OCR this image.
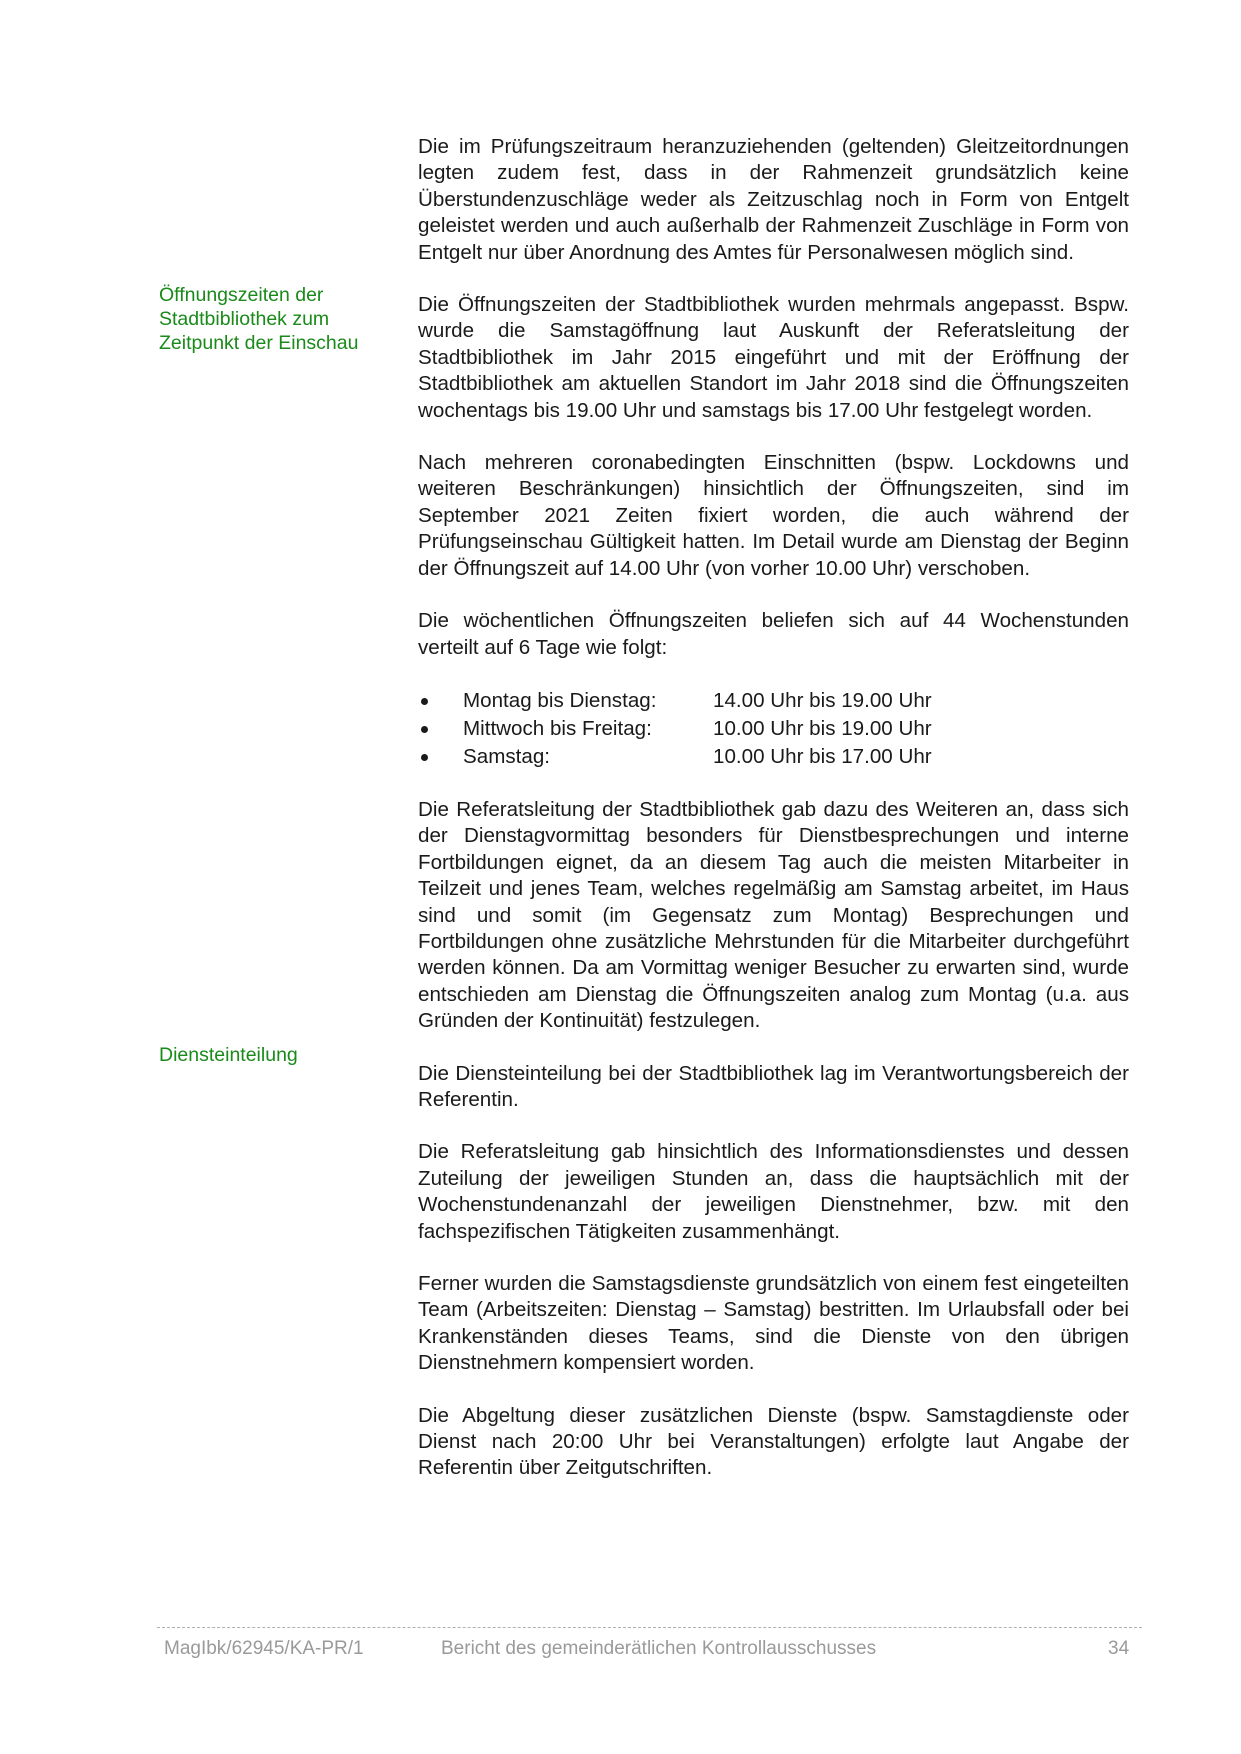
Öffnungszeiten der Stadtbibliothek zum Zeitpunkt der Einschau
Diensteinteilung

Die im Prüfungszeitraum heranzuziehenden (geltenden) Gleitzeitordnungen legten zudem fest, dass in der Rahmenzeit grundsätzlich keine Überstundenzuschläge weder als Zeitzuschlag noch in Form von Entgelt geleistet werden und auch außerhalb der Rahmenzeit Zuschläge in Form von Entgelt nur über Anordnung des Amtes für Personalwesen möglich sind.

Die Öffnungszeiten der Stadtbibliothek wurden mehrmals angepasst. Bspw. wurde die Samstagöffnung laut Auskunft der Referatsleitung der Stadtbibliothek im Jahr 2015 eingeführt und mit der Eröffnung der Stadtbibliothek am aktuellen Standort im Jahr 2018 sind die Öffnungszeiten wochentags bis 19.00 Uhr und samstags bis 17.00 Uhr festgelegt worden.

Nach mehreren coronabedingten Einschnitten (bspw. Lockdowns und weiteren Beschränkungen) hinsichtlich der Öffnungszeiten, sind im September 2021 Zeiten fixiert worden, die auch während der Prüfungseinschau Gültigkeit hatten. Im Detail wurde am Dienstag der Beginn der Öffnungszeit auf 14.00 Uhr (von vorher 10.00 Uhr) verschoben.

Die wöchentlichen Öffnungszeiten beliefen sich auf 44 Wochenstunden verteilt auf 6 Tage wie folgt:

Montag bis Dienstag:	14.00 Uhr bis 19.00 Uhr
Mittwoch bis Freitag:	10.00 Uhr bis 19.00 Uhr
Samstag:	10.00 Uhr bis 17.00 Uhr

Die Referatsleitung der Stadtbibliothek gab dazu des Weiteren an, dass sich der Dienstagvormittag besonders für Dienstbesprechungen und interne Fortbildungen eignet, da an diesem Tag auch die meisten Mitarbeiter in Teilzeit und jenes Team, welches regelmäßig am Samstag arbeitet, im Haus sind und somit (im Gegensatz zum Montag) Besprechungen und Fortbildungen ohne zusätzliche Mehrstunden für die Mitarbeiter durchgeführt werden können. Da am Vormittag weniger Besucher zu erwarten sind, wurde entschieden am Dienstag die Öffnungszeiten analog zum Montag (u.a. aus Gründen der Kontinuität) festzulegen.

Die Diensteinteilung bei der Stadtbibliothek lag im Verantwortungsbereich der Referentin.

Die Referatsleitung gab hinsichtlich des Informationsdienstes und dessen Zuteilung der jeweiligen Stunden an, dass die hauptsächlich mit der Wochenstundenanzahl der jeweiligen Dienstnehmer, bzw. mit den fachspezifischen Tätigkeiten zusammenhängt.

Ferner wurden die Samstagsdienste grundsätzlich von einem fest eingeteilten Team (Arbeitszeiten: Dienstag – Samstag) bestritten. Im Urlaubsfall oder bei Krankenständen dieses Teams, sind die Dienste von den übrigen Dienstnehmern kompensiert worden.

Die Abgeltung dieser zusätzlichen Dienste (bspw. Samstagdienste oder Dienst nach 20:00 Uhr bei Veranstaltungen) erfolgte laut Angabe der Referentin über Zeitgutschriften.

MagIbk/62945/KA-PR/1	Bericht des gemeinderätlichen Kontrollausschusses	34
